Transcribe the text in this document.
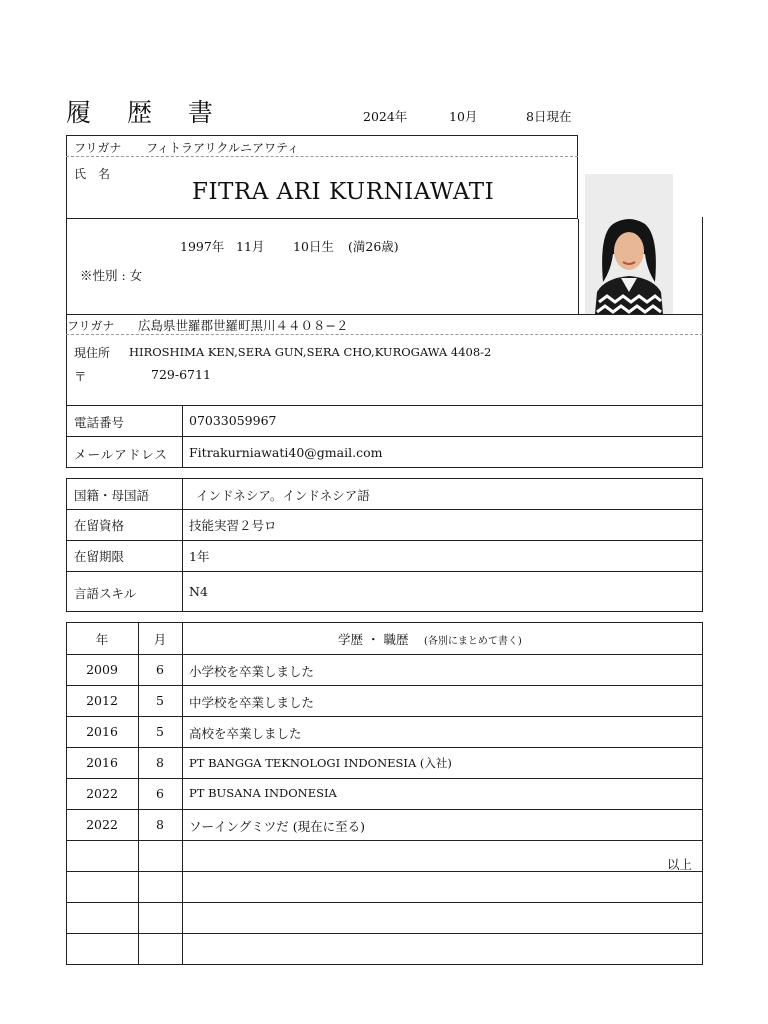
履 歴 書	2024年	10月	8日現在
フリガナ フィトラアリクルニアワティ
氏　名
FITRA ARI KURNIAWATI
1997年 11月 10日生 (満26歳)
※性別 : 女
フリガナ 広島県世羅郡世羅町黒川４４０８−２
現住所 HIROSHIMA KEN,SERA GUN,SERA CHO,KUROGAWA 4408-2
〒	729-6711
電話番号	07033059967
メールアドレス Fitrakurniawati40@gmail.com
国籍・母国語	インドネシア。インドネシア語
在留資格	技能実習２号ロ
在留期限	1年
言語スキル	N4
年	月	学歴 ・ 職歴 (各別にまとめて書く)
2009	6	小学校を卒業しました
2012	5	中学校を卒業しました
2016	5	高校を卒業しました
2016	8	PT BANGGA TEKNOLOGI INDONESIA (入社)
2022	6	PT BUSANA INDONESIA
2022	8	ソーイングミツだ (現在に至る)
以上
